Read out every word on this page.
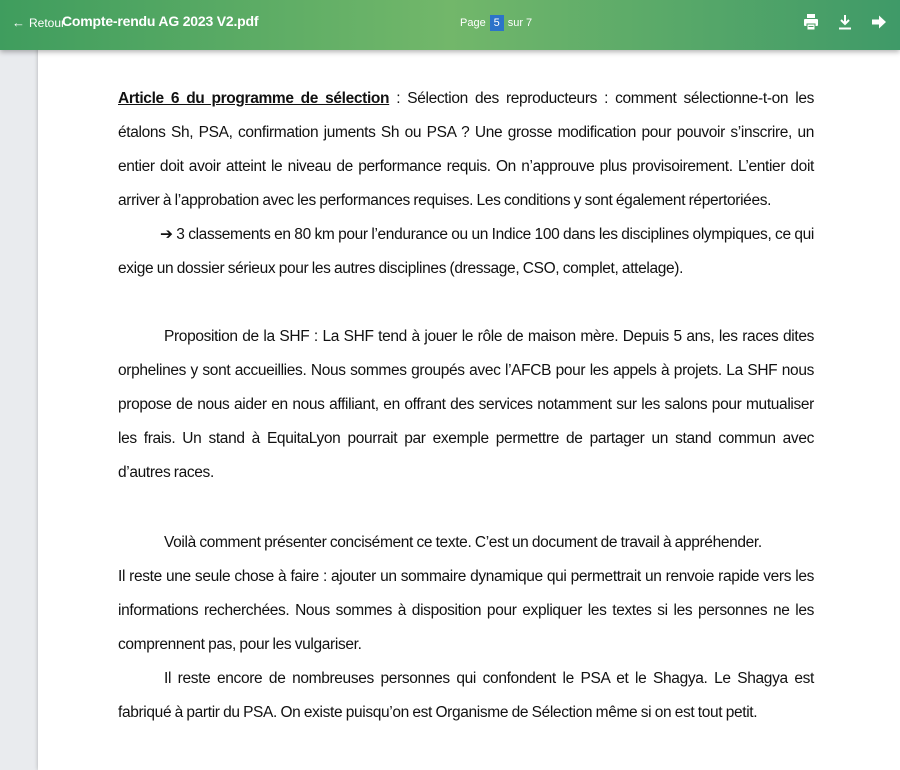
← Retour
Compte-rendu AG 2023 V2.pdf	Page
5 sur 7

Article 6 du programme de sélection : Sélection des reproducteurs : comment sélectionne-t-on les étalons Sh, PSA, confirmation juments Sh ou PSA ? Une grosse modification pour pouvoir s’inscrire, un entier doit avoir atteint le niveau de performance requis. On n’approuve plus provisoirement. L’entier doit arriver à l’approbation avec les performances requises. Les conditions y sont également répertoriées.

➔ 3 classements en 80 km pour l’endurance ou un Indice 100 dans les disciplines olympiques, ce qui exige un dossier sérieux pour les autres disciplines (dressage, CSO, complet, attelage).

Proposition de la SHF : La SHF tend à jouer le rôle de maison mère. Depuis 5 ans, les races dites orphelines y sont accueillies. Nous sommes groupés avec l’AFCB pour les appels à projets. La SHF nous propose de nous aider en nous affiliant, en offrant des services notamment sur les salons pour mutualiser les frais. Un stand à EquitaLyon pourrait par exemple permettre de partager un stand commun avec d’autres races.

Voilà comment présenter concisément ce texte. C’est un document de travail à appréhender.

Il reste une seule chose à faire : ajouter un sommaire dynamique qui permettrait un renvoie rapide vers les informations recherchées. Nous sommes à disposition pour expliquer les textes si les personnes ne les comprennent pas, pour les vulgariser.

Il reste encore de nombreuses personnes qui confondent le PSA et le Shagya. Le Shagya est fabriqué à partir du PSA. On existe puisqu’on est Organisme de Sélection même si on est tout petit.
